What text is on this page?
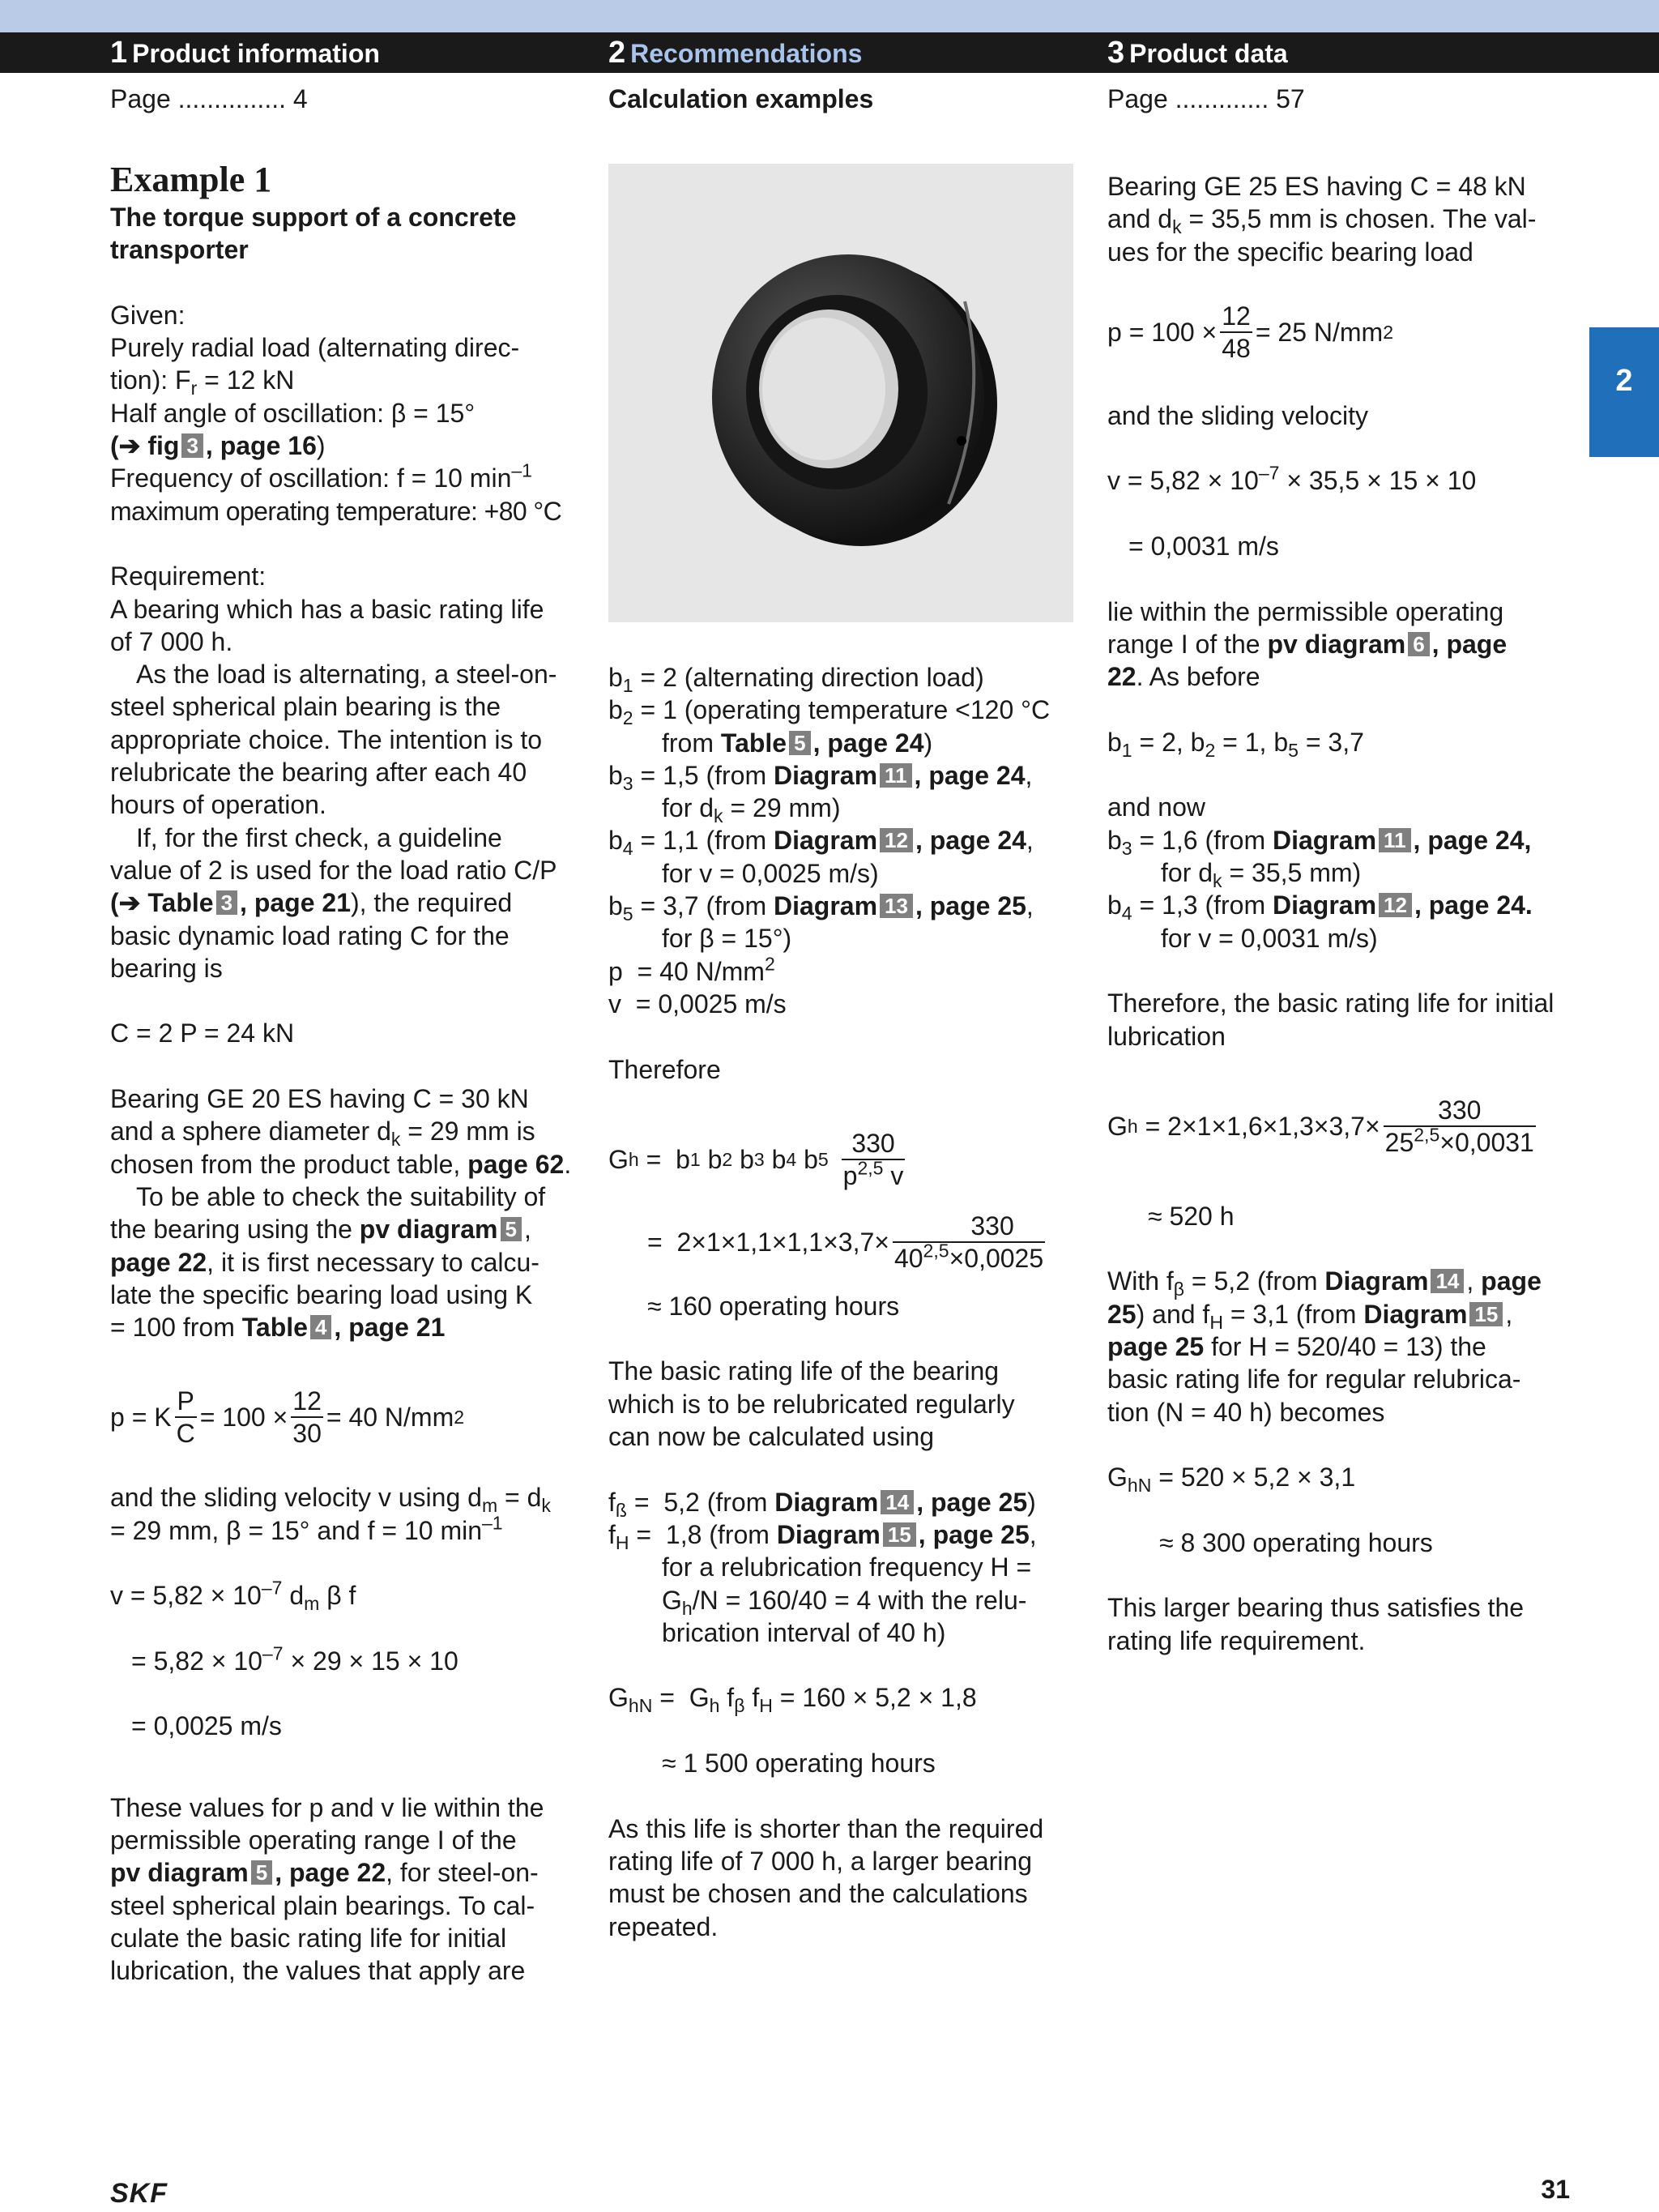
1 Product information	2 Recommendations	3 Product data
Page ............... 4	Calculation examples	Page ............. 57
2

Example 1

The torque support of a concrete

transporter

Given:

Purely radial load (alternating direc-

tion): $F_r = 12$ kN

Half angle of oscillation: β = 15°

(➔ fig 3 , page 16)

Frequency of oscillation: f = 10 $\min^{-1}$

maximum operating temperature: +80 °C

Requirement:

A bearing which has a basic rating life

of 7 000 h.

As the load is alternating, a steel-on-

steel spherical plain bearing is the

appropriate choice. The intention is to

relubricate the bearing after each 40

hours of operation.

If, for the first check, a guideline

value of 2 is used for the load ratio C/P

(➔ Table 3 , page 21), the required

basic dynamic load rating C for the

bearing is

C = 2 P = 24 kN

Bearing GE 20 ES having C = 30 kN

and a sphere diameter $d_k = 29$ mm is

chosen from the product table, page 62.

To be able to check the suitability of

the bearing using the pv diagram 5 ,

page 22, it is first necessary to calcu-

late the specific bearing load using K

= 100 from Table 4 , page 21

p = K $\frac{P}{C} = 100 \times \frac{12}{30} = 40$ N/mm 2

and the sliding velocity v using $d_m = d_k$

= 29 mm, β = 15° and f = 10 $\min^{-1}$

$v = 5,82 \times 10^{-7}$ $d_m$ β f

= $5,82 \times 10^{-7} \times 29 \times 15 \times 10$

= 0,0025 m/s

These values for p and v lie within the

permissible operating range I of the

pv diagram 5 , page 22, for steel-on-

steel spherical plain bearings. To cal-

culate the basic rating life for initial

lubrication, the values that apply are

$b_1 = 2$ (alternating direction load)

$b_2 = 1$ (operating temperature <120 °C

from Table 5 , page 24)

$b_3 = 1,5$ (from Diagram 11 , page 24,

for $d_k = 29$ mm)

$b_4 = 1,1$ (from Diagram 12 , page 24,

for v = 0,0025 m/s)

$b_5 = 3,7$ (from Diagram 13 , page 25,

for β = 15°)

p  = 40 $N/mm^2$

v  = 0,0025 m/s

Therefore

G h =  b 1 b 2 b 3 b 4 b $5 \frac{330}{p^{2,5} v}$
=  $2\times 1\times 1,1\times 1,1\times 3,7\times \frac{330}{40^{2,5}\times 0,0025}$

≈ 160 operating hours

The basic rating life of the bearing

which is to be relubricated regularly

can now be calculated using

$f_ß = 5,2$ (from Diagram 14 , page 25)

$f_H = 1,8$ (from Diagram 15 , page 25,

for a relubrication frequency H =

$G_h/N = 160/40 = 4$ with the relu-

brication interval of 40 h)

$G_{hN} = G_h$ $f_\beta$ $f_H = 160 \times 5,2 \times 1,8$

≈ 1 500 operating hours

As this life is shorter than the required

rating life of 7 000 h, a larger bearing

must be chosen and the calculations

repeated.

Bearing GE 25 ES having C = 48 kN

and $d_k = 35,5$ mm is chosen. The val-

ues for the specific bearing load

$p = 100 \times \frac{12}{48} = 25$ N/mm 2

and the sliding velocity

$v = 5,82 \times 10^{-7} \times 35,5 \times 15 \times 10$

= 0,0031 m/s

lie within the permissible operating

range I of the pv diagram 6 , page

22. As before

$b_1 = 2$, $b_2 = 1$, $b_5 = 3,7$

and now

$b_3 = 1,6$ (from Diagram 11 , page 24,

for $d_k = 35,5$ mm)

$b_4 = 1,3$ (from Diagram 12 , page 24.

for v = 0,0031 m/s)

Therefore, the basic rating life for initial

lubrication

G $h = 2\times 1\times 1,6\times 1,3\times 3,7\times \frac{330}{25^{2,5}\times 0,0031}$

≈ 520 h

With $f_\beta = 5,2$ (from Diagram 14 , page

25) and $f_H = 3,1$ (from Diagram 15 ,

page 25 for H = 520/40 = 13) the

basic rating life for regular relubrica-

tion (N = 40 h) becomes

$G_{hN} = 520 \times 5,2 \times 3,1$

≈ 8 300 operating hours

This larger bearing thus satisfies the

rating life requirement.

SKF	31
